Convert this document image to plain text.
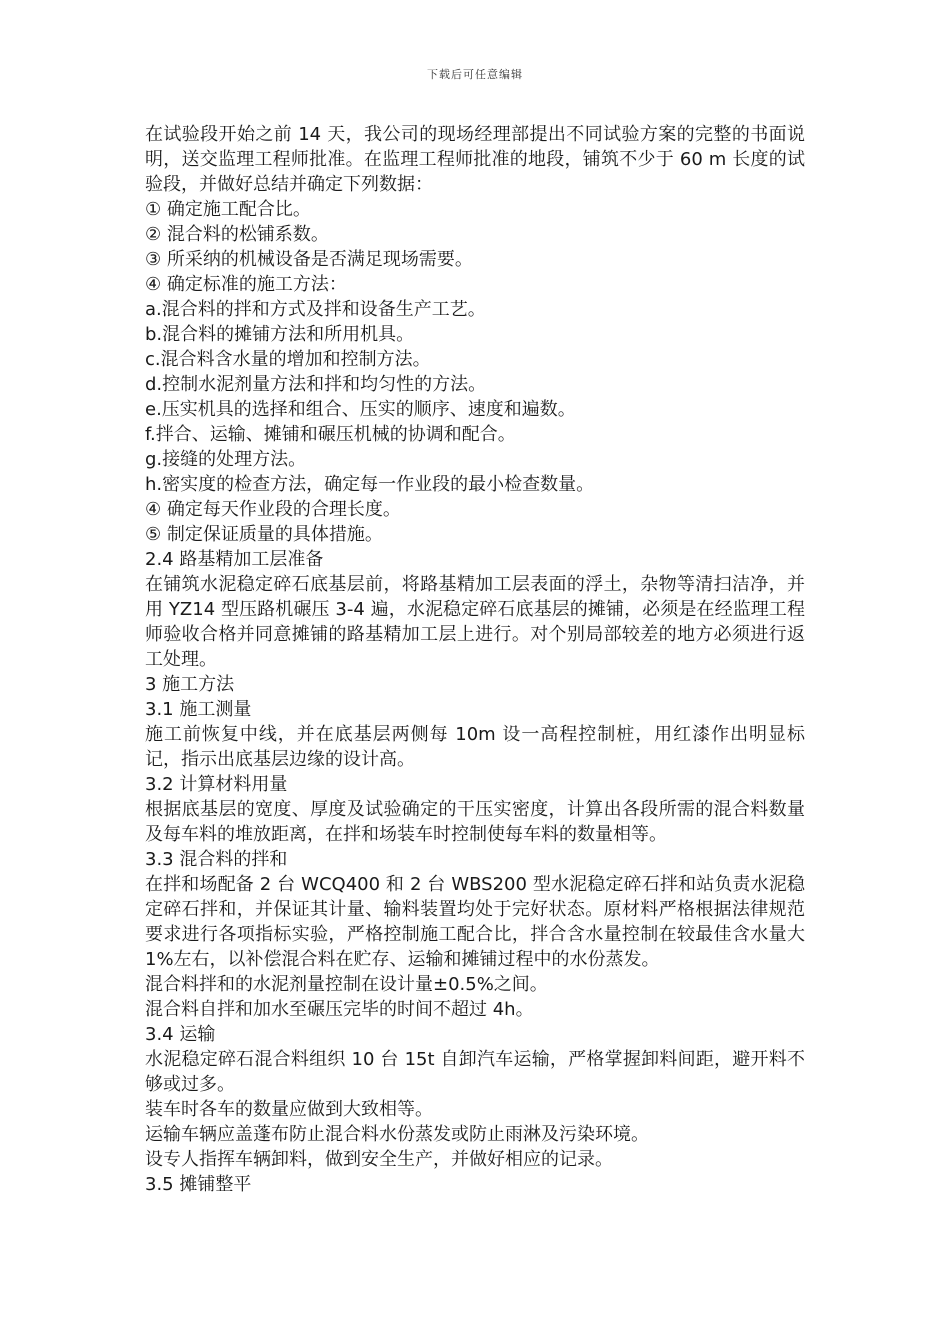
下载后可任意编辑

在试验段开始之前 14 天，我公司的现场经理部提出不同试验方案的完整的书面说明，送交监理工程师批准。在监理工程师批准的地段，铺筑不少于 60 m 长度的试验段，并做好总结并确定下列数据：

① 确定施工配合比。

② 混合料的松铺系数。

③ 所采纳的机械设备是否满足现场需要。

④ 确定标准的施工方法：

a.混合料的拌和方式及拌和设备生产工艺。

b.混合料的摊铺方法和所用机具。

c.混合料含水量的增加和控制方法。

d.控制水泥剂量方法和拌和均匀性的方法。

e.压实机具的选择和组合、压实的顺序、速度和遍数。

f.拌合、运输、摊铺和碾压机械的协调和配合。

g.接缝的处理方法。

h.密实度的检查方法，确定每一作业段的最小检查数量。

④ 确定每天作业段的合理长度。

⑤ 制定保证质量的具体措施。

2.4 路基精加工层准备

在铺筑水泥稳定碎石底基层前，将路基精加工层表面的浮土，杂物等清扫洁净，并用 YZ14 型压路机碾压 3-4 遍，水泥稳定碎石底基层的摊铺，必须是在经监理工程师验收合格并同意摊铺的路基精加工层上进行。对个别局部较差的地方必须进行返工处理。

3 施工方法

3.1 施工测量

施工前恢复中线，并在底基层两侧每 10m 设一高程控制桩，用红漆作出明显标记，指示出底基层边缘的设计高。

3.2 计算材料用量

根据底基层的宽度、厚度及试验确定的干压实密度，计算出各段所需的混合料数量及每车料的堆放距离，在拌和场装车时控制使每车料的数量相等。

3.3 混合料的拌和

在拌和场配备 2 台 WCQ400 和 2 台 WBS200 型水泥稳定碎石拌和站负责水泥稳定碎石拌和，并保证其计量、输料装置均处于完好状态。原材料严格根据法律规范要求进行各项指标实验，严格控制施工配合比，拌合含水量控制在较最佳含水量大 1%左右，以补偿混合料在贮存、运输和摊铺过程中的水份蒸发。

混合料拌和的水泥剂量控制在设计量±0.5%之间。

混合料自拌和加水至碾压完毕的时间不超过 4h。

3.4 运输

水泥稳定碎石混合料组织 10 台 15t 自卸汽车运输，严格掌握卸料间距，避开料不够或过多。

装车时各车的数量应做到大致相等。

运输车辆应盖蓬布防止混合料水份蒸发或防止雨淋及污染环境。

设专人指挥车辆卸料，做到安全生产，并做好相应的记录。

3.5 摊铺整平
